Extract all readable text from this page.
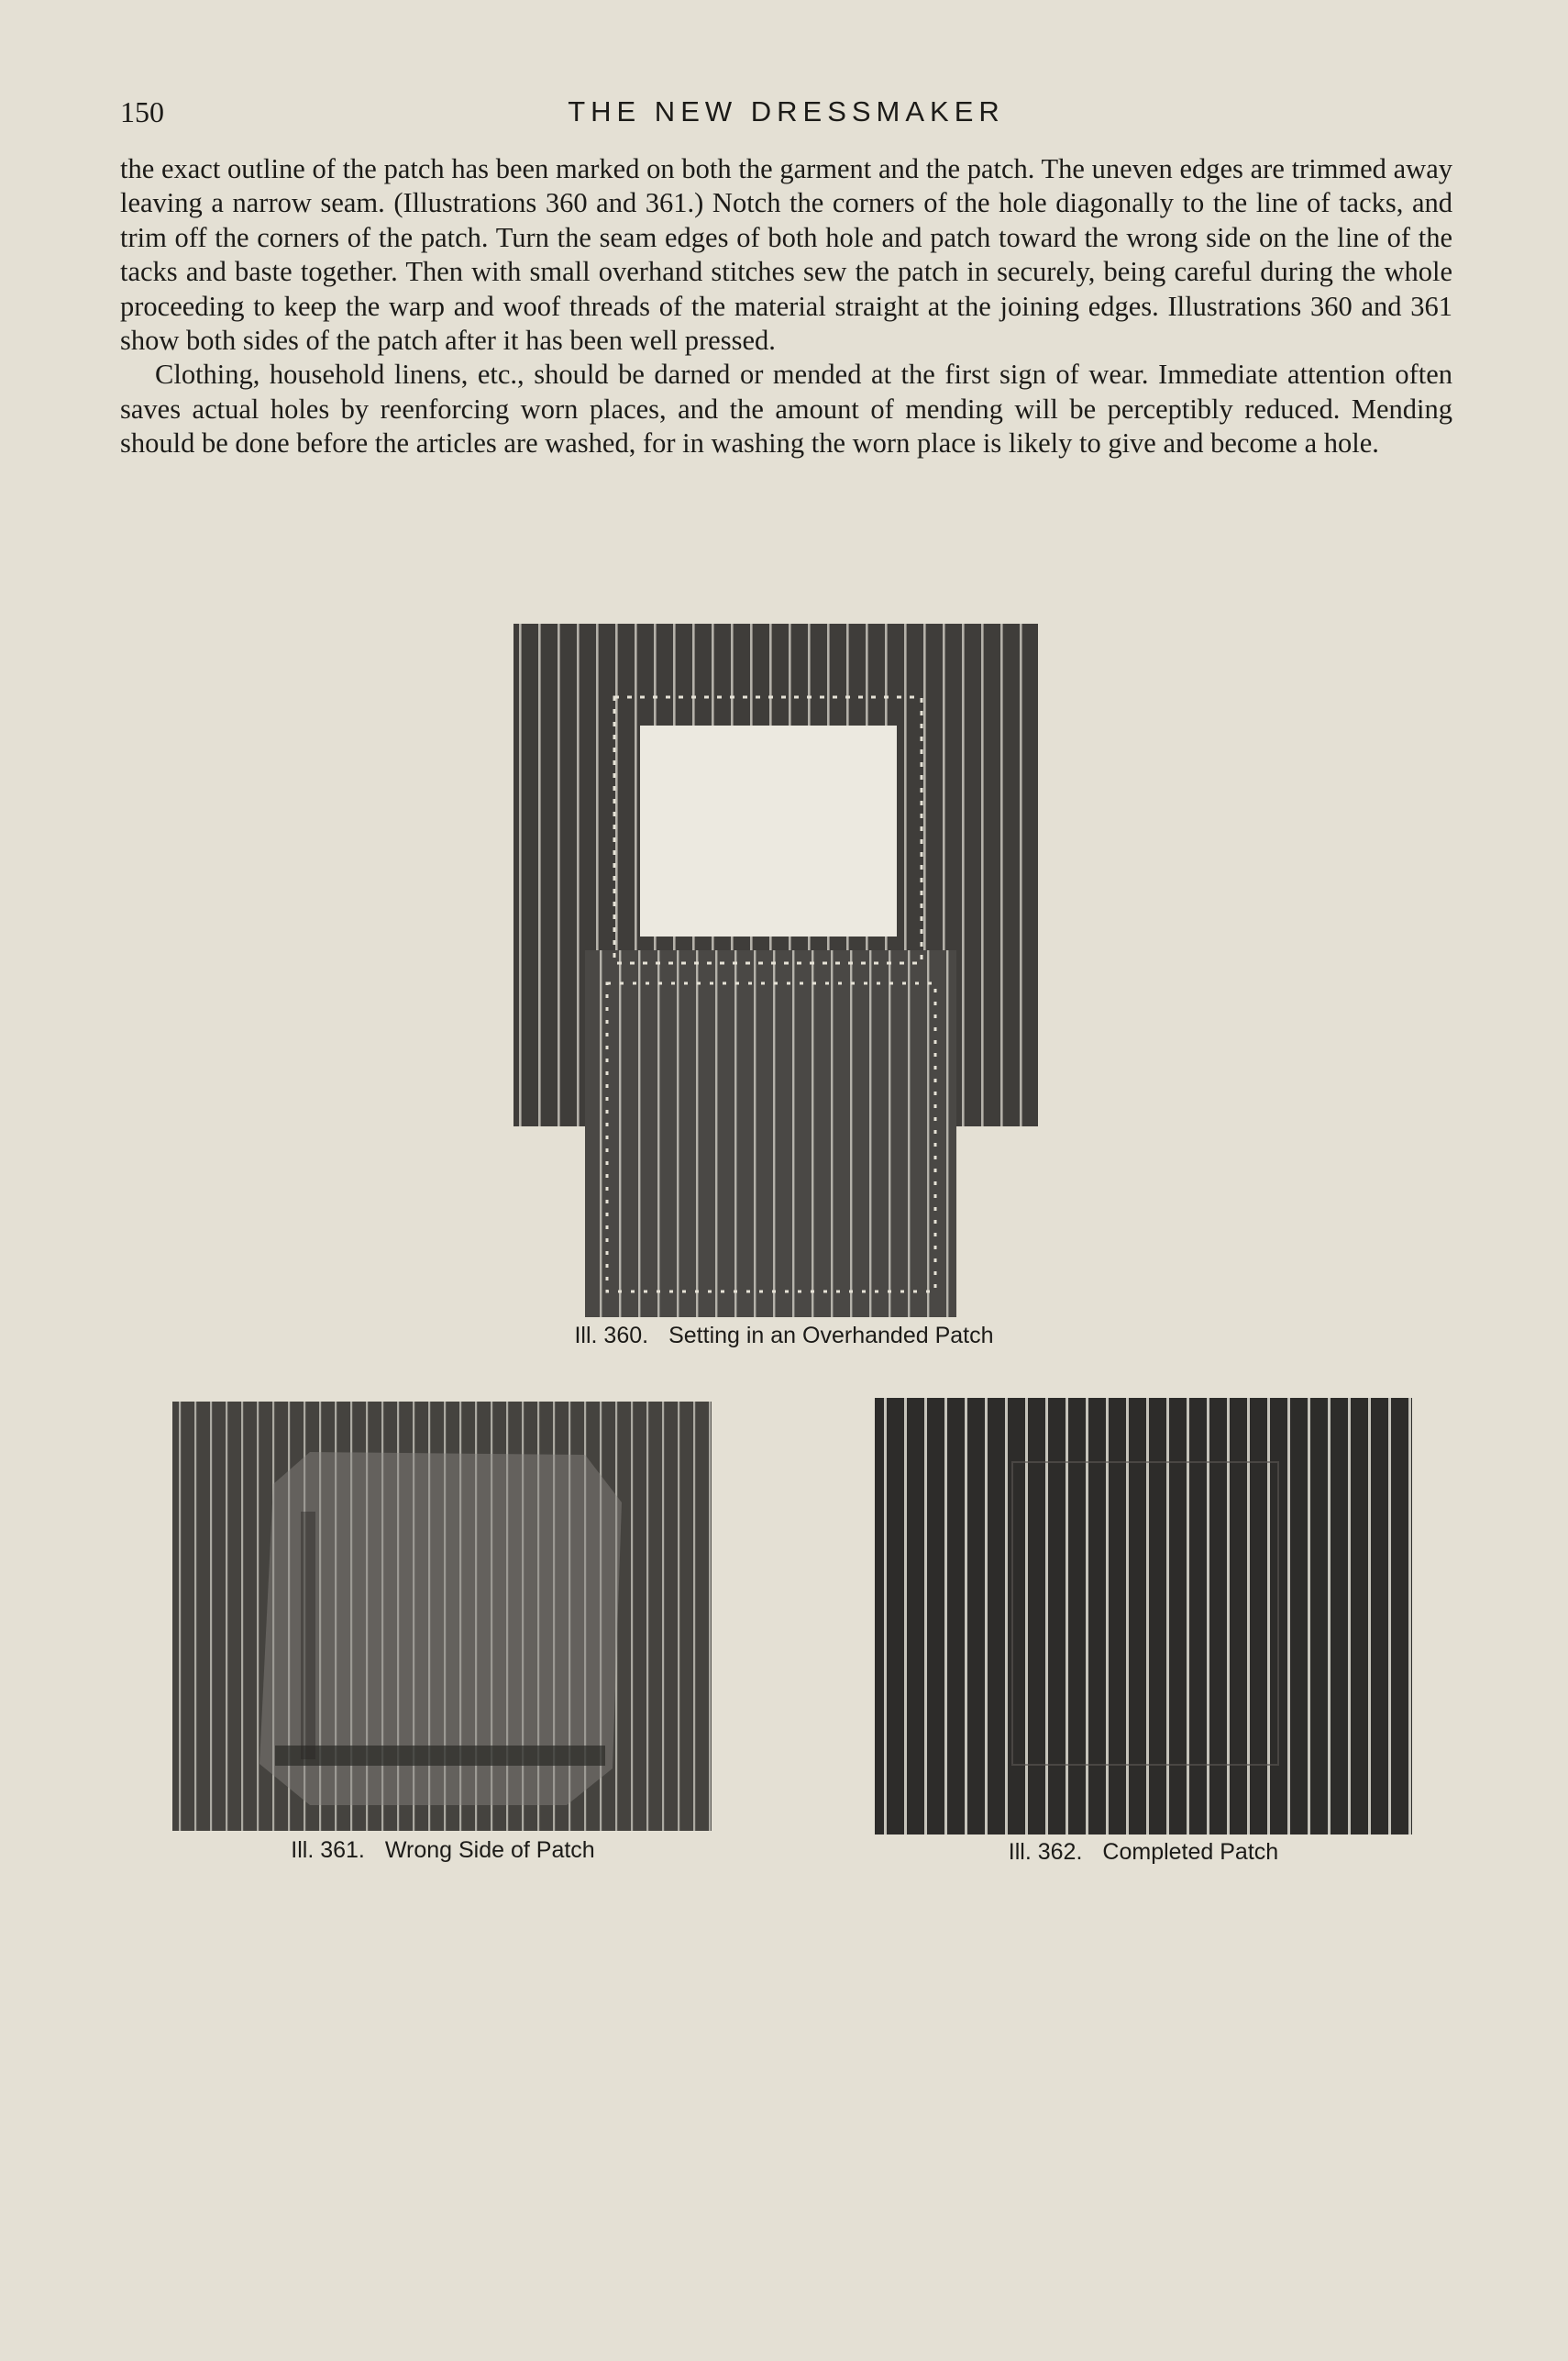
150	THE NEW DRESSMAKER

the exact outline of the patch has been marked on both the garment and the patch. The uneven edges are trimmed away leaving a narrow seam. (Illustrations 360 and 361.) Notch the corners of the hole diagonally to the line of tacks, and trim off the corners of the patch. Turn the seam edges of both hole and patch toward the wrong side on the line of the tacks and baste together. Then with small overhand stitches sew the patch in securely, being careful during the whole proceeding to keep the warp and woof threads of the material straight at the joining edges. Illustrations 360 and 361 show both sides of the patch after it has been well pressed.

Clothing, household linens, etc., should be darned or mended at the first sign of wear. Immediate attention often saves actual holes by reenforcing worn places, and the amount of mending will be perceptibly reduced. Mending should be done before the articles are washed, for in washing the worn place is likely to give and become a hole.

Ill. 360. Setting in an Overhanded Patch
Ill. 361. Wrong Side of Patch	Ill. 362. Completed Patch
